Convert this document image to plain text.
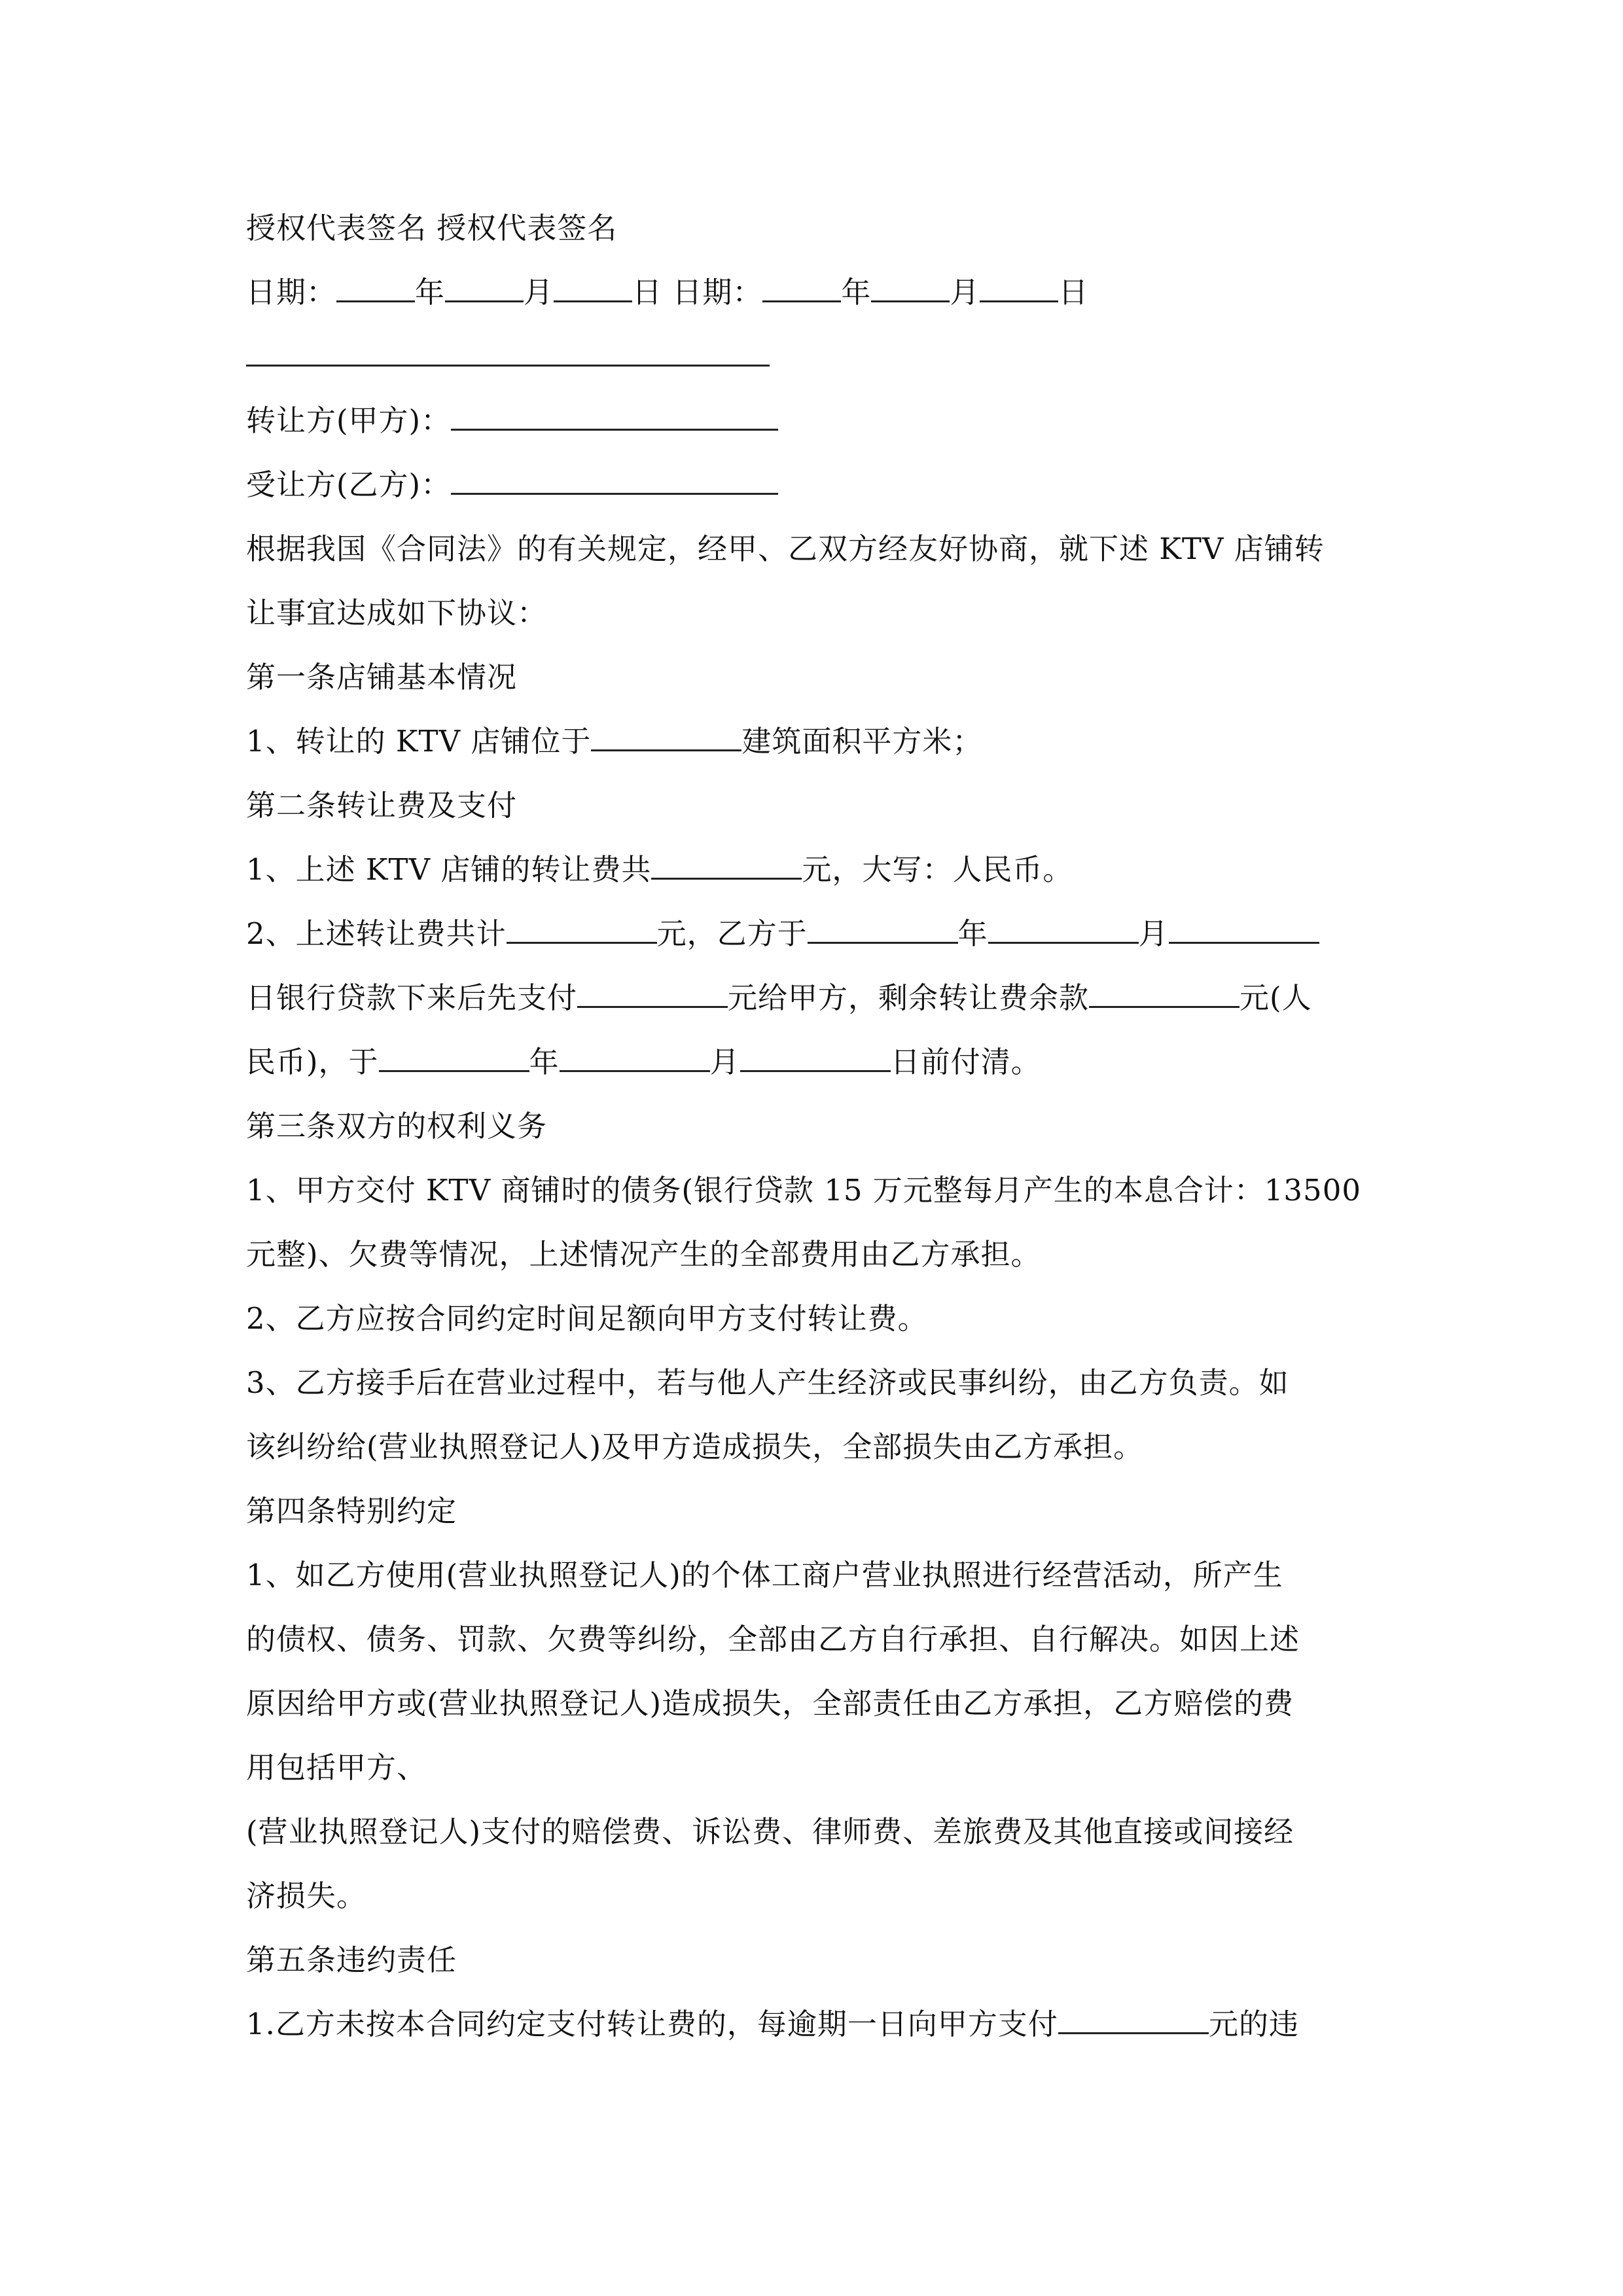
授权代表签名 授权代表签名
日期：	年	月	日 日期：	年	月	日
转让方(甲方)：
受让方(乙方)：
根据我国《合同法》的有关规定，经甲、乙双方经友好协商，就下述 KTV 店铺转
让事宜达成如下协议：
第一条店铺基本情况
1、转让的 KTV 店铺位于	建筑面积平方米；
第二条转让费及支付
1、上述 KTV 店铺的转让费共	元，大写：人民币。
2、上述转让费共计	元，乙方于	年	月
日银行贷款下来后先支付	元给甲方，剩余转让费余款	元(人
民币)，于	年	月	日前付清。
第三条双方的权利义务
1、甲方交付 KTV 商铺时的债务(银行贷款 15 万元整每月产生的本息合计：13500
元整)、欠费等情况，上述情况产生的全部费用由乙方承担。
2、乙方应按合同约定时间足额向甲方支付转让费。
3、乙方接手后在营业过程中，若与他人产生经济或民事纠纷，由乙方负责。如
该纠纷给(营业执照登记人)及甲方造成损失，全部损失由乙方承担。
第四条特别约定
1、如乙方使用(营业执照登记人)的个体工商户营业执照进行经营活动，所产生
的债权、债务、罚款、欠费等纠纷，全部由乙方自行承担、自行解决。如因上述
原因给甲方或(营业执照登记人)造成损失，全部责任由乙方承担，乙方赔偿的费
用包括甲方、
(营业执照登记人)支付的赔偿费、诉讼费、律师费、差旅费及其他直接或间接经
济损失。
第五条违约责任
1.乙方未按本合同约定支付转让费的，每逾期一日向甲方支付	元的违
